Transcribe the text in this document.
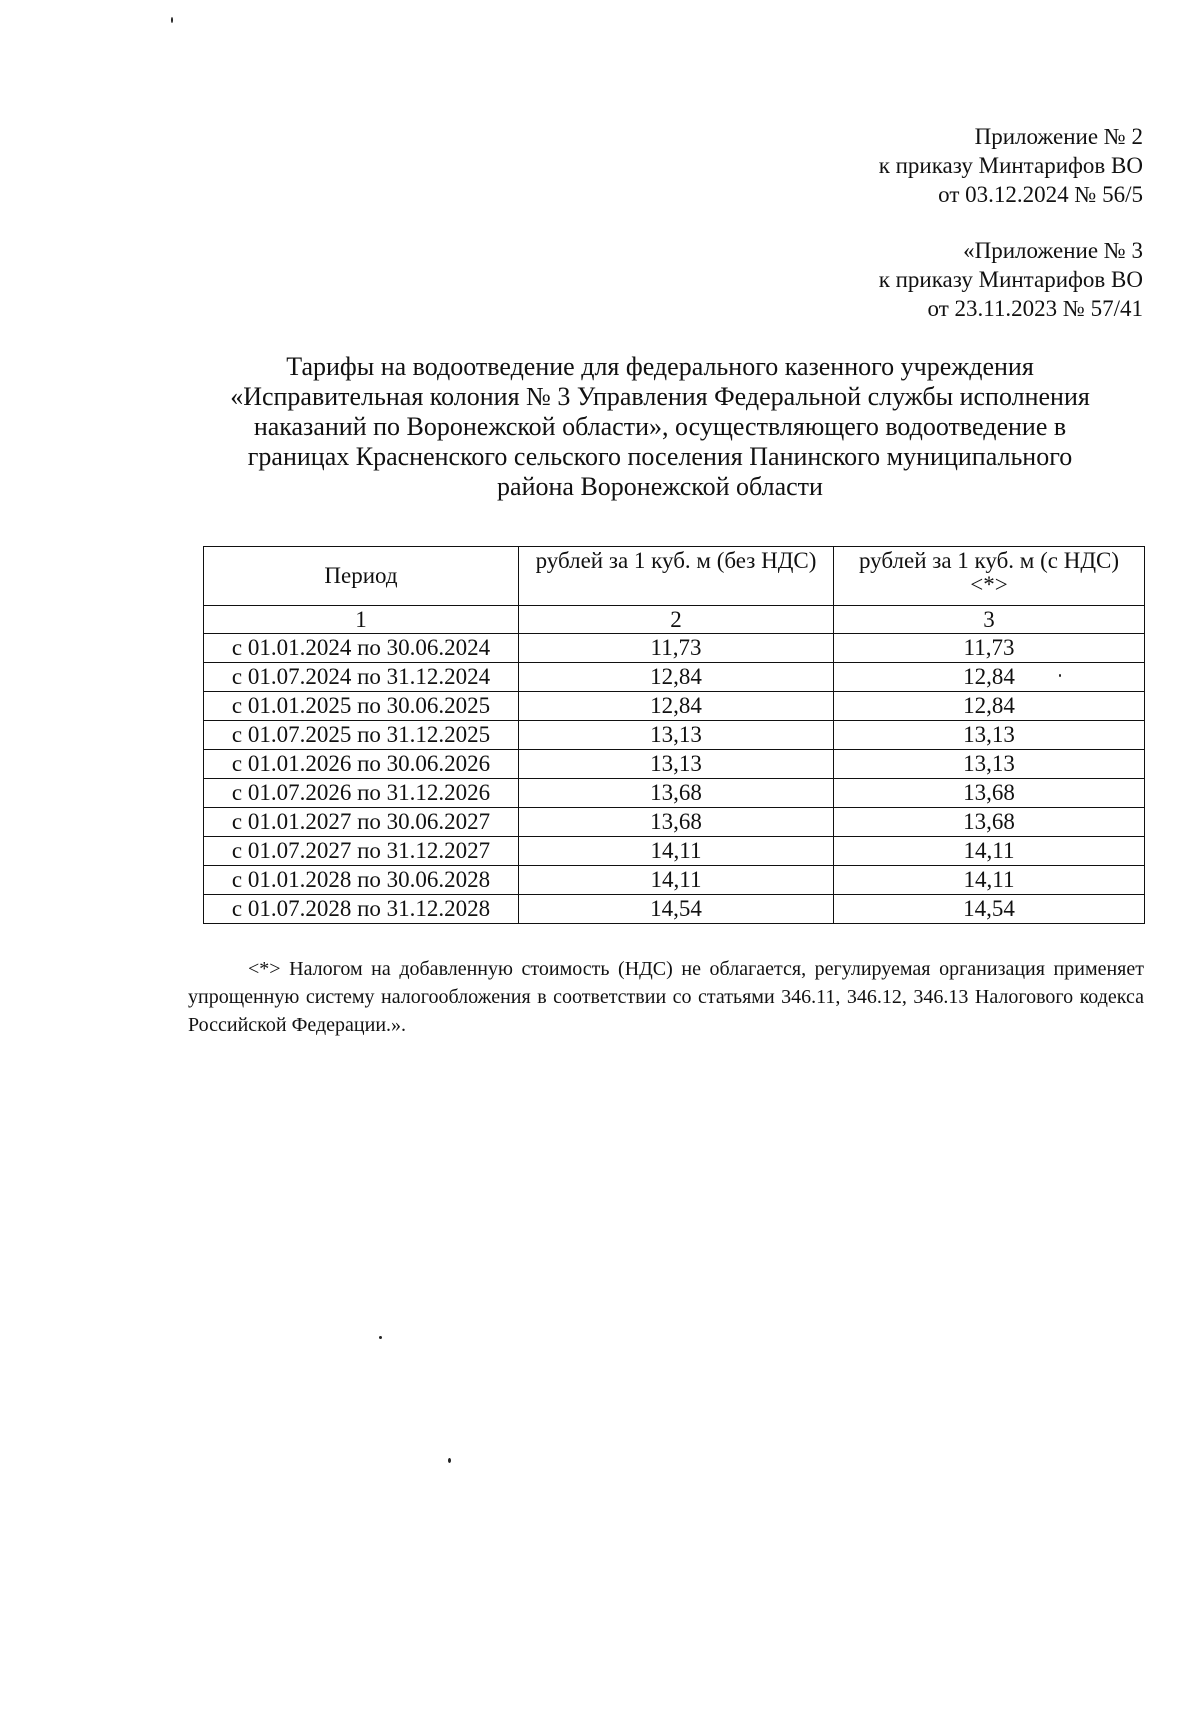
Приложение № 2
к приказу Минтарифов ВО
от 03.12.2024 № 56/5
«Приложение № 3
к приказу Минтарифов ВО
от 23.11.2023 № 57/41
Тарифы на водоотведение для федерального казенного учреждения
«Исправительная колония № 3 Управления Федеральной службы исполнения
наказаний по Воронежской области», осуществляющего водоотведение в
границах Красненского сельского поселения Панинского муниципального
района Воронежской области
Период	рублей за 1 куб. м (без НДС)	рублей за 1 куб. м (с НДС) <*>
1	2	3
с 01.01.2024 по 30.06.2024	11,73	11,73
с 01.07.2024 по 31.12.2024	12,84	12,84
с 01.01.2025 по 30.06.2025	12,84	12,84
с 01.07.2025 по 31.12.2025	13,13	13,13
с 01.01.2026 по 30.06.2026	13,13	13,13
с 01.07.2026 по 31.12.2026	13,68	13,68
с 01.01.2027 по 30.06.2027	13,68	13,68
с 01.07.2027 по 31.12.2027	14,11	14,11
с 01.01.2028 по 30.06.2028	14,11	14,11
с 01.07.2028 по 31.12.2028	14,54	14,54

<*> Налогом на добавленную стоимость (НДС) не облагается, регулируемая организация применяет упрощенную систему налогообложения в соответствии со статьями 346.11, 346.12, 346.13 Налогового кодекса Российской Федерации.».
